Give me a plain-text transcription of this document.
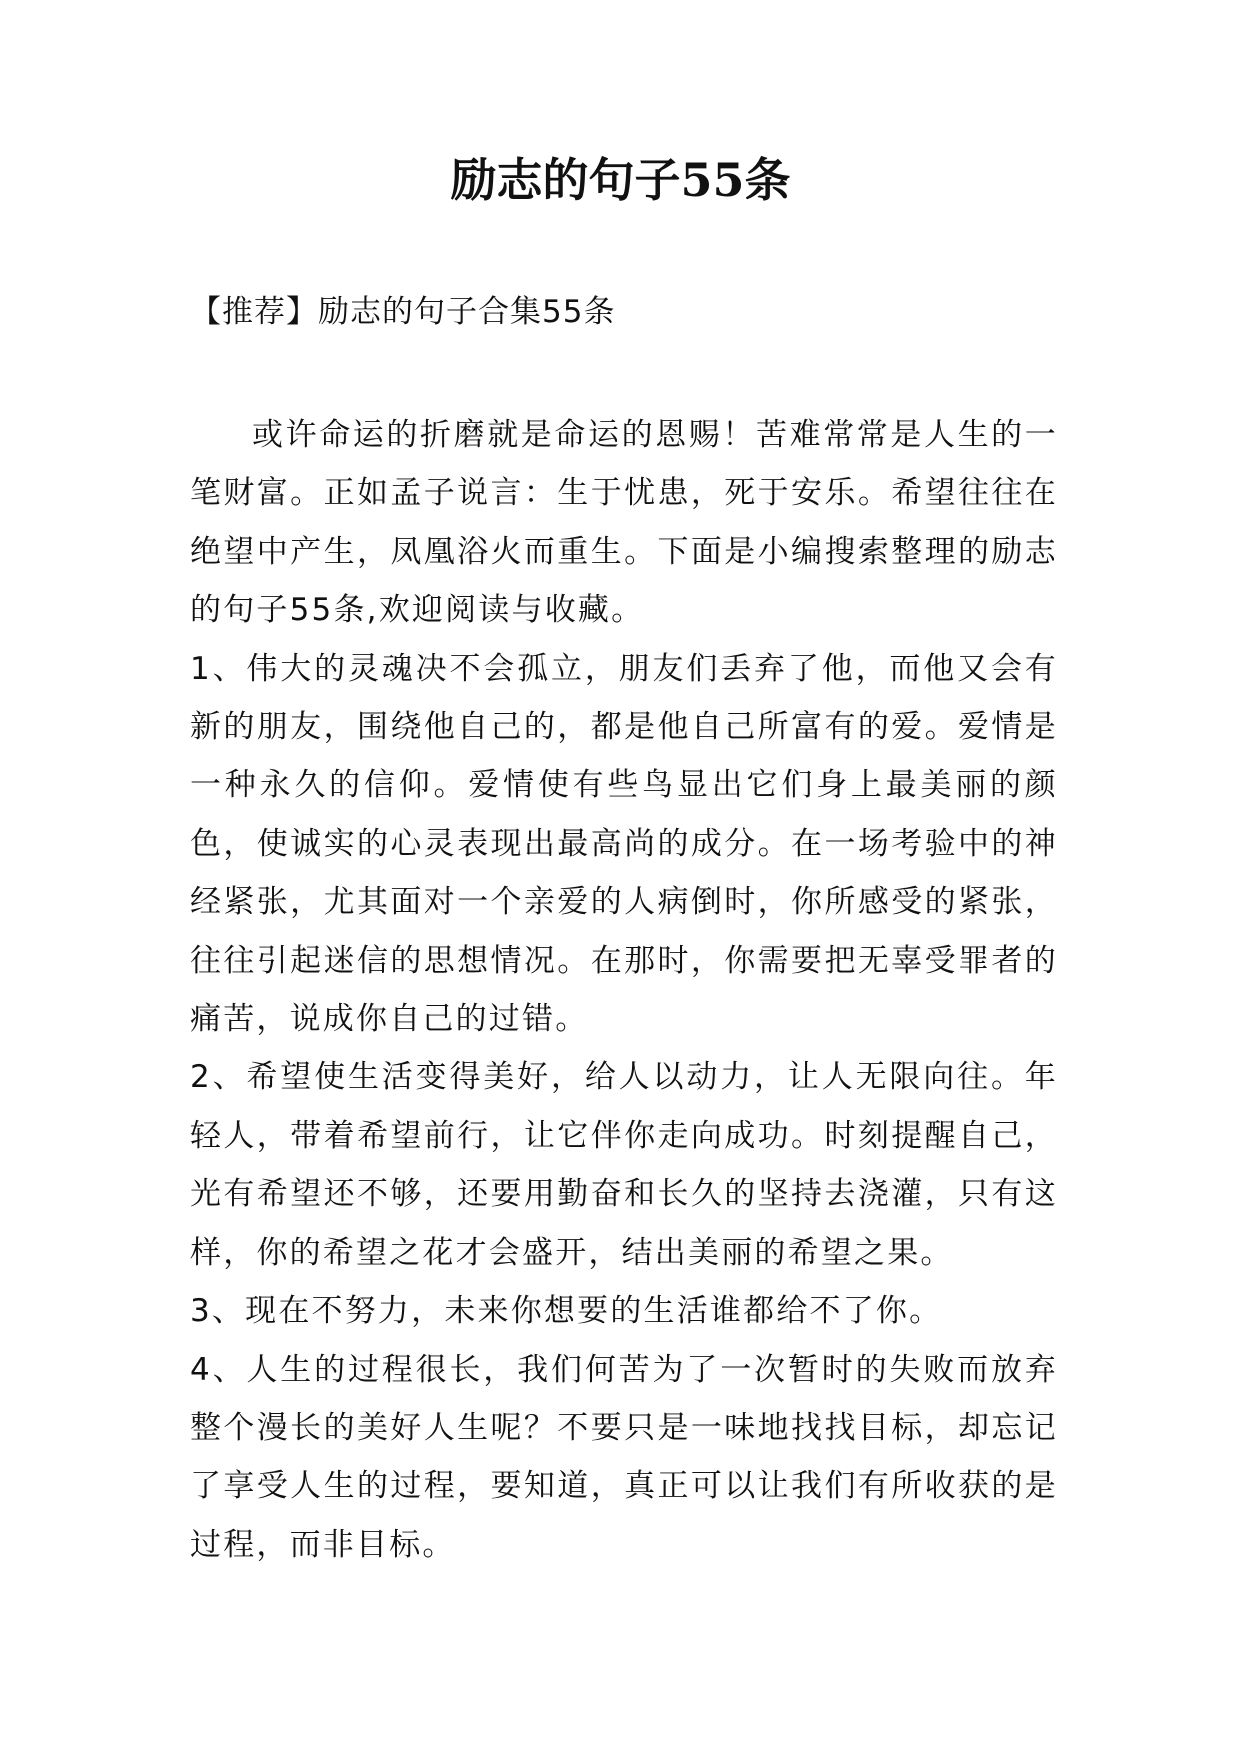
励志的句子55条

【推荐】励志的句子合集55条

或许命运的折磨就是命运的恩赐！苦难常常是人生的一笔财富。正如孟子说言：生于忧患，死于安乐。希望往往在绝望中产生，凤凰浴火而重生。下面是小编搜索整理的励志的句子55条,欢迎阅读与收藏。

1、伟大的灵魂决不会孤立，朋友们丢弃了他，而他又会有新的朋友，围绕他自己的，都是他自己所富有的爱。爱情是一种永久的信仰。爱情使有些鸟显出它们身上最美丽的颜色，使诚实的心灵表现出最高尚的成分。在一场考验中的神经紧张，尤其面对一个亲爱的人病倒时，你所感受的紧张，往往引起迷信的思想情况。在那时，你需要把无辜受罪者的痛苦，说成你自己的过错。

2、希望使生活变得美好，给人以动力，让人无限向往。年轻人，带着希望前行，让它伴你走向成功。时刻提醒自己，光有希望还不够，还要用勤奋和长久的坚持去浇灌，只有这样，你的希望之花才会盛开，结出美丽的希望之果。

3、现在不努力，未来你想要的生活谁都给不了你。

4、人生的过程很长，我们何苦为了一次暂时的失败而放弃整个漫长的美好人生呢？不要只是一味地找找目标，却忘记了享受人生的过程，要知道，真正可以让我们有所收获的是过程，而非目标。
